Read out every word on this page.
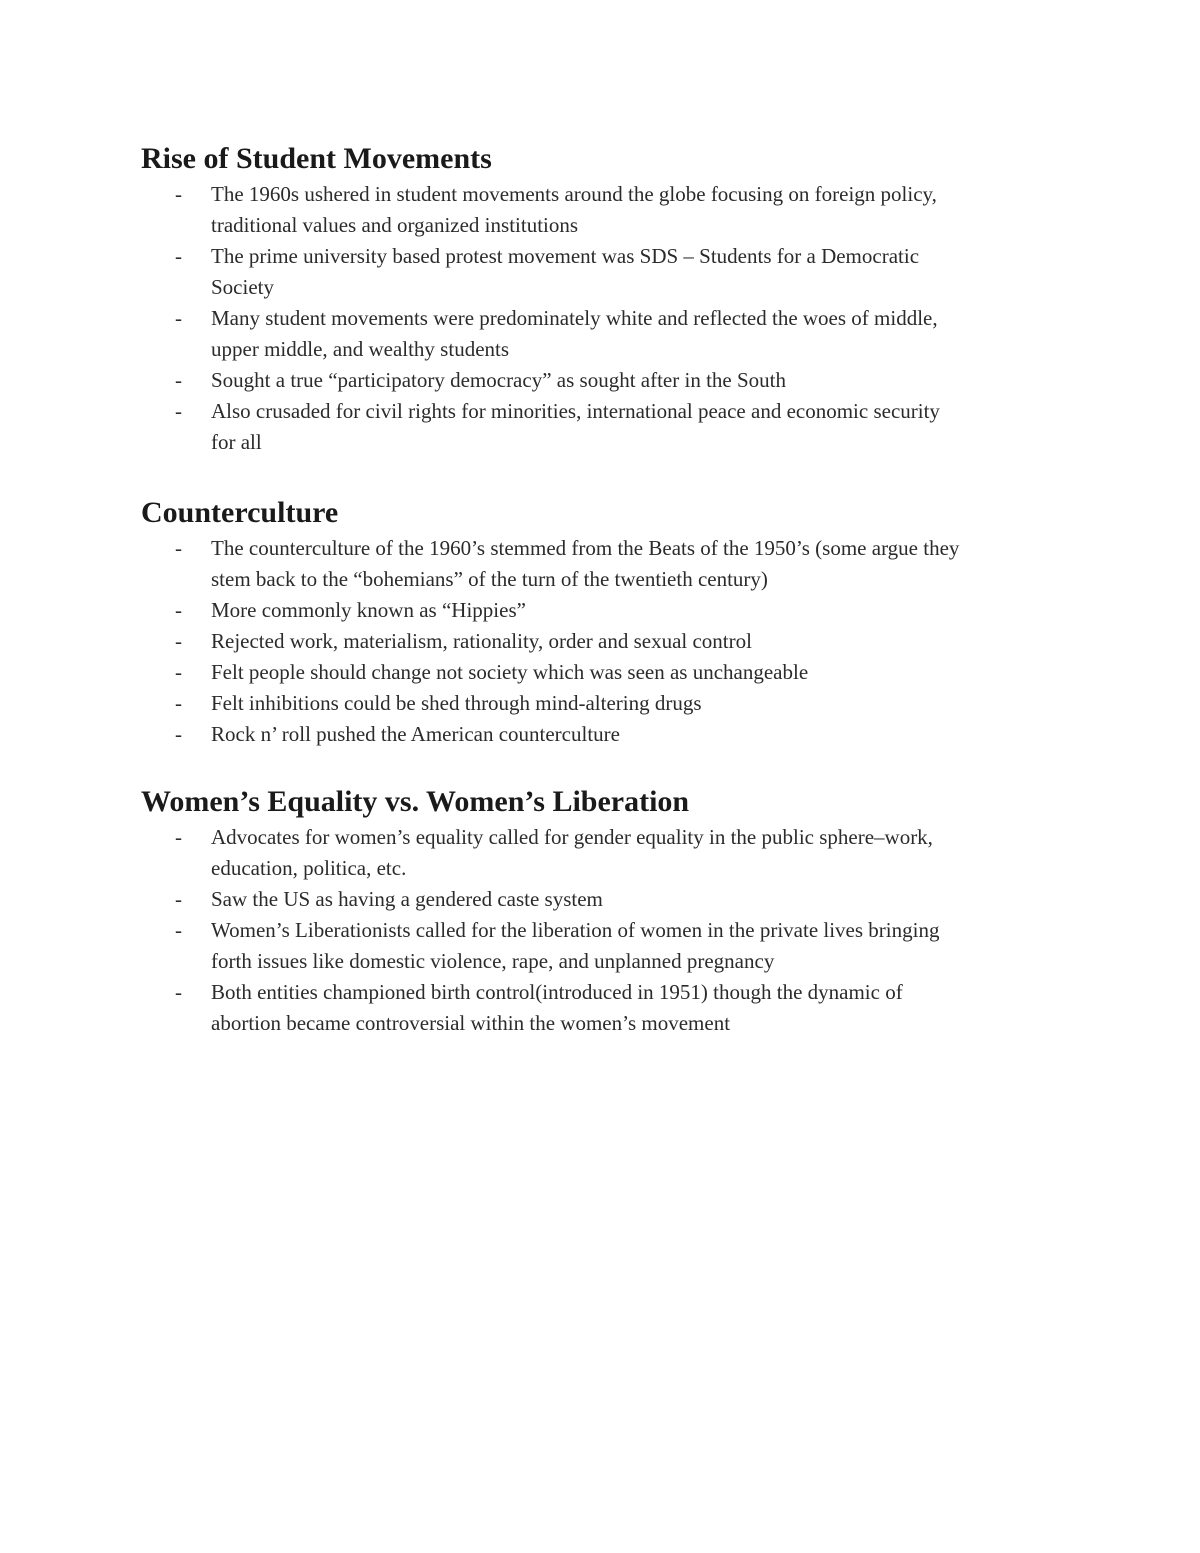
Rise of Student Movements
- The 1960s ushered in student movements around the globe focusing on foreign policy,
traditional values and organized institutions
- The prime university based protest movement was SDS – Students for a Democratic
Society
- Many student movements were predominately white and reflected the woes of middle,
upper middle, and wealthy students
- Sought a true “participatory democracy” as sought after in the South
- Also crusaded for civil rights for minorities, international peace and economic security
for all
Counterculture
- The counterculture of the 1960’s stemmed from the Beats of the 1950’s (some argue they
stem back to the “bohemians” of the turn of the twentieth century)
- More commonly known as “Hippies”
- Rejected work, materialism, rationality, order and sexual control
- Felt people should change not society which was seen as unchangeable
- Felt inhibitions could be shed through mind-altering drugs
- Rock n’ roll pushed the American counterculture
Women’s Equality vs. Women’s Liberation
- Advocates for women’s equality called for gender equality in the public sphere–work,
education, politica, etc.
- Saw the US as having a gendered caste system
- Women’s Liberationists called for the liberation of women in the private lives bringing
forth issues like domestic violence, rape, and unplanned pregnancy
- Both entities championed birth control(introduced in 1951) though the dynamic of
abortion became controversial within the women’s movement
